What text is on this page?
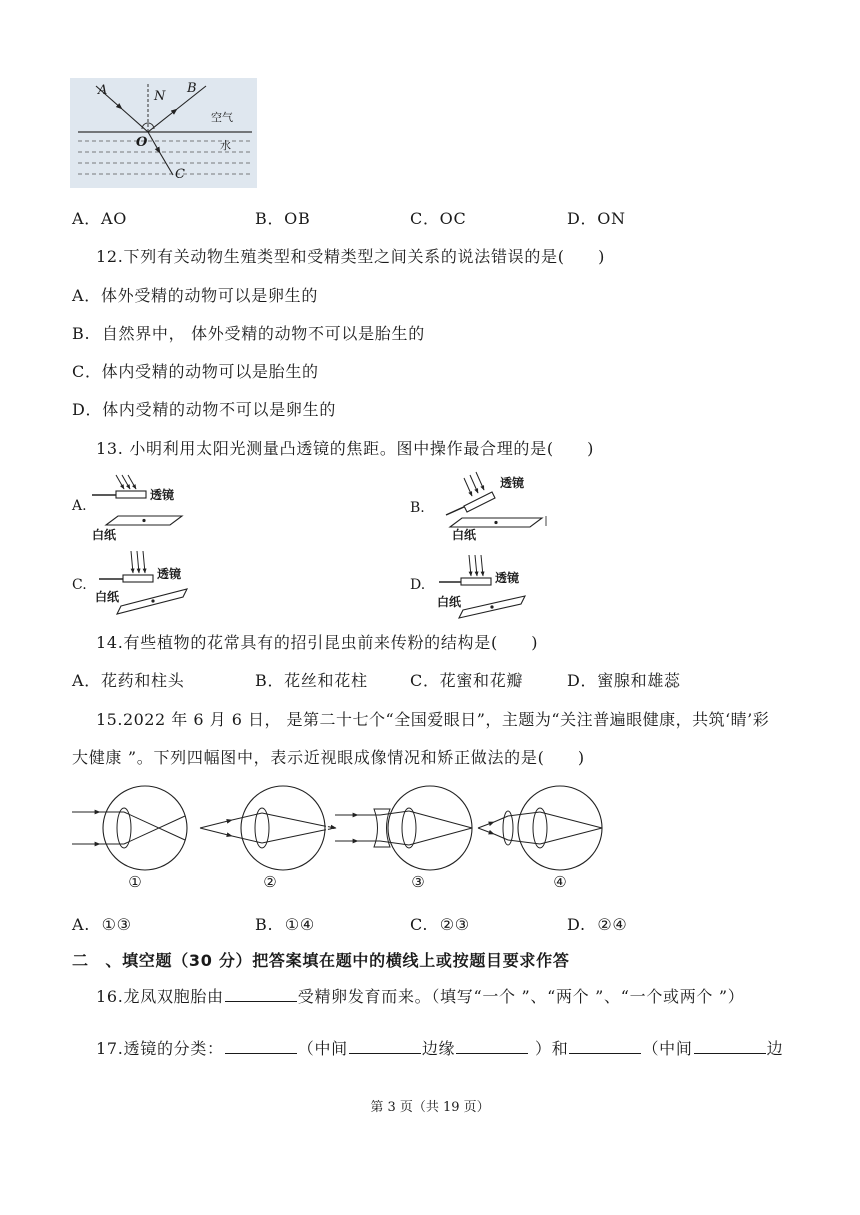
A	N
B
空气
水
O
C
A．AO	B．OB	C．OC	D．ON
12.下列有关动物生殖类型和受精类型之间关系的说法错误的是(　　)
A．体外受精的动物可以是卵生的
B.  自然界中， 体外受精的动物不可以是胎生的
C．体内受精的动物可以是胎生的
D．体内受精的动物不可以是卵生的
13. 小明利用太阳光测量凸透镜的焦距。图中操作最合理的是(　　)
A.
透镜
白纸
B.
透镜
白纸
C.
透镜
白纸
D.	透镜
白纸
14.有些植物的花常具有的招引昆虫前来传粉的结构是(　　)
A．花药和柱头	B．花丝和花柱	C．花蜜和花瓣	D．蜜腺和雄蕊
15.2022 年 6 月 6 日， 是第二十七个“全国爱眼日”，主题为“关注普遍眼健康，共筑‘睛’彩
大健康 ”。下列四幅图中，表示近视眼成像情况和矫正做法的是(　　)
①	②	③	④
A.  ①③	B.  ①④	C.  ②③	D.  ②④
二　、填空题（30 分）把答案填在题中的横线上或按题目要求作答
16.龙凤双胞胎由	受精卵发育而来。（填写“一个 ”、“两个 ”、“一个或两个 ”）
17.透镜的分类：	（中间	边缘	）和	（中间	边
第 3 页（共 19 页）
